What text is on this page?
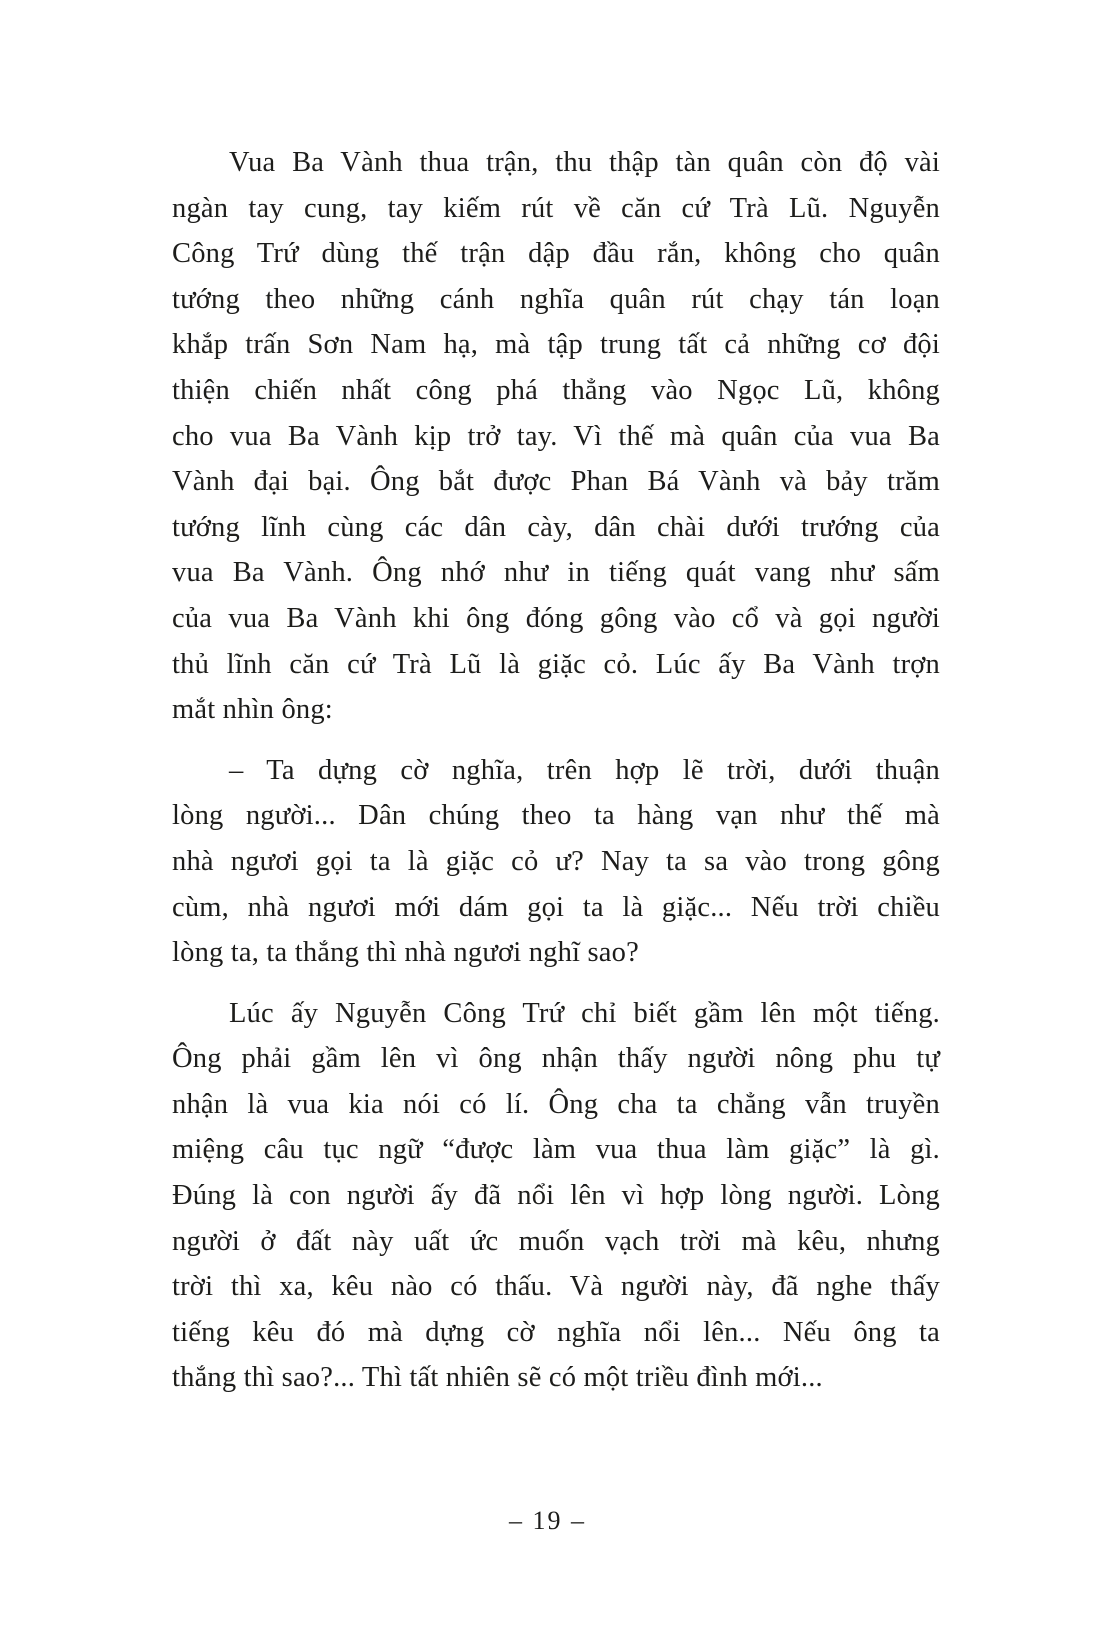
Vua Ba Vành thua trận, thu thập tàn quân còn độ vài
ngàn tay cung, tay kiếm rút về căn cứ Trà Lũ. Nguyễn
Công Trứ dùng thế trận dập đầu rắn, không cho quân
tướng theo những cánh nghĩa quân rút chạy tán loạn
khắp trấn Sơn Nam hạ, mà tập trung tất cả những cơ đội
thiện chiến nhất công phá thẳng vào Ngọc Lũ, không
cho vua Ba Vành kịp trở tay. Vì thế mà quân của vua Ba
Vành đại bại. Ông bắt được Phan Bá Vành và bảy trăm
tướng lĩnh cùng các dân cày, dân chài dưới trướng của
vua Ba Vành. Ông nhớ như in tiếng quát vang như sấm
của vua Ba Vành khi ông đóng gông vào cổ và gọi người
thủ lĩnh căn cứ Trà Lũ là giặc cỏ. Lúc ấy Ba Vành trợn
mắt nhìn ông:
– Ta dựng cờ nghĩa, trên hợp lẽ trời, dưới thuận
lòng người... Dân chúng theo ta hàng vạn như thế mà
nhà ngươi gọi ta là giặc cỏ ư? Nay ta sa vào trong gông
cùm, nhà ngươi mới dám gọi ta là giặc... Nếu trời chiều
lòng ta, ta thắng thì nhà ngươi nghĩ sao?
Lúc ấy Nguyễn Công Trứ chỉ biết gầm lên một tiếng.
Ông phải gầm lên vì ông nhận thấy người nông phu tự
nhận là vua kia nói có lí. Ông cha ta chẳng vẫn truyền
miệng câu tục ngữ “được làm vua thua làm giặc” là gì.
Đúng là con người ấy đã nổi lên vì hợp lòng người. Lòng
người ở đất này uất ức muốn vạch trời mà kêu, nhưng
trời thì xa, kêu nào có thấu. Và người này, đã nghe thấy
tiếng kêu đó mà dựng cờ nghĩa nổi lên... Nếu ông ta
thắng thì sao?... Thì tất nhiên sẽ có một triều đình mới...
– 19 –
